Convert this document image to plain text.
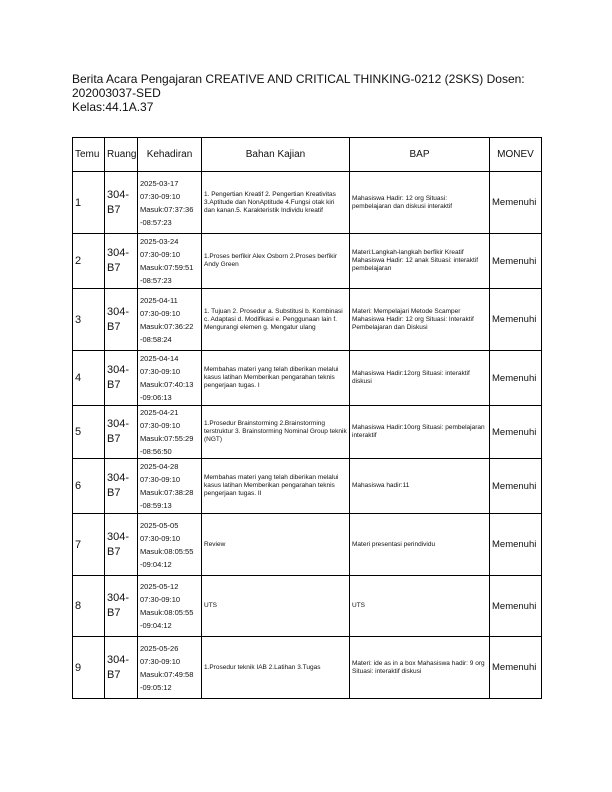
Berita Acara Pengajaran CREATIVE AND CRITICAL THINKING-0212 (2SKS) Dosen:
202003037-SED
Kelas:44.1A.37
Temu	Ruang	Kehadiran	Bahan Kajian	BAP	MONEV
1	304-B7	2025-03-17
07:30-09:10
Masuk:07:37:36
-08:57:23	1. Pengertian Kreatif 2. Pengertian Kreativitas 3.Aptitude dan NonAptitude 4.Fungsi otak kiri dan kanan.5. Karakteristik Individu kreatif	Mahasiswa Hadir: 12 org Situasi: pembelajaran dan diskusi interaktif	Memenuhi
2	304-B7	2025-03-24
07:30-09:10
Masuk:07:59:51
-08:57:23	1.Proses berfikir Alex Osborn 2.Proses berfikir Andy Green	Materi:Langkah-langkah berfikir Kreatif Mahasiswa Hadir: 12 anak Situasi: interaktif pembelajaran	Memenuhi
3	304-B7	2025-04-11
07:30-09:10
Masuk:07:36:22
-08:58:24	1. Tujuan 2. Prosedur a. Substitusi b. Kombinasi c. Adaptasi d. Modifikasi e. Penggunaan lain f. Mengurangi elemen g. Mengatur ulang	Materi: Mempelajari Metode Scamper Mahasiswa Hadir: 12 org Situasi: Interaktif Pembelajaran dan Diskusi	Memenuhi
4	304-B7	2025-04-14
07:30-09:10
Masuk:07:40:13
-09:06:13	Membahas materi yang telah diberikan melalui kasus latihan Memberikan pengarahan teknis pengerjaan tugas. I	Mahasiswa Hadir:12org Situasi: interaktif diskusi	Memenuhi
5	304-B7	2025-04-21
07:30-09:10
Masuk:07:55:29
-08:56:50	1.Prosedur Brainstorming 2.Brainstorming terstruktur 3. Brainstorming Nominal Group teknik (NGT)	Mahasiswa Hadir:10org Situasi: pembelajaran interaktif	Memenuhi
6	304-B7	2025-04-28
07:30-09:10
Masuk:07:38:28
-08:59:13	Membahas materi yang telah diberikan melalui kasus latihan Memberikan pengarahan teknis pengerjaan tugas. II	Mahasiswa hadir:11	Memenuhi
7	304-B7	2025-05-05
07:30-09:10
Masuk:08:05:55
-09:04:12	Review	Materi presentasi perindividu	Memenuhi
8	304-B7	2025-05-12
07:30-09:10
Masuk:08:05:55
-09:04:12	UTS	UTS	Memenuhi
9	304-B7	2025-05-26
07:30-09:10
Masuk:07:49:58
-09:05:12	1.Prosedur teknik IAB 2.Latihan 3.Tugas	Materi: ide as in a box Mahasiswa hadir: 9 org Situasi: interaktif diskusi	Memenuhi
